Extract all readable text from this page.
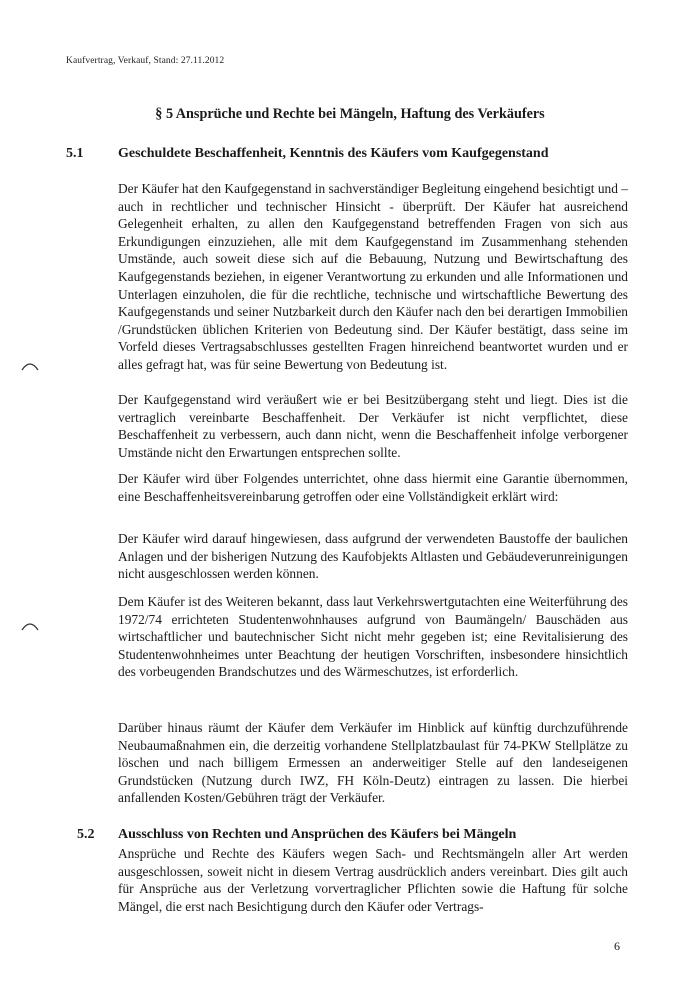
Kaufvertrag, Verkauf, Stand: 27.11.2012
§ 5 Ansprüche und Rechte bei Mängeln, Haftung des Verkäufers
5.1 Geschuldete Beschaffenheit, Kenntnis des Käufers vom Kaufgegenstand

Der Käufer hat den Kaufgegenstand in sachverständiger Begleitung eingehend besichtigt und – auch in rechtlicher und technischer Hinsicht - überprüft. Der Käufer hat ausreichend Gelegenheit erhalten, zu allen den Kaufgegenstand betreffenden Fragen von sich aus Erkundigungen einzuziehen, alle mit dem Kaufgegenstand im Zusammenhang stehenden Umstände, auch soweit diese sich auf die Bebauung, Nutzung und Bewirtschaftung des Kaufgegenstands beziehen, in eigener Verantwortung zu erkunden und alle Informationen und Unterlagen einzuholen, die für die rechtliche, technische und wirtschaftliche Bewertung des Kaufgegenstands und seiner Nutzbarkeit durch den Käufer nach den bei derartigen Immobilien /Grundstücken üblichen Kriterien von Bedeutung sind. Der Käufer bestätigt, dass seine im Vorfeld dieses Vertragsabschlusses gestellten Fragen hinreichend beantwortet wurden und er alles gefragt hat, was für seine Bewertung von Bedeutung ist.

Der Kaufgegenstand wird veräußert wie er bei Besitzübergang steht und liegt. Dies ist die vertraglich vereinbarte Beschaffenheit. Der Verkäufer ist nicht verpflichtet, diese Beschaffenheit zu verbessern, auch dann nicht, wenn die Beschaffenheit infolge verborgener Umstände nicht den Erwartungen entsprechen sollte.

Der Käufer wird über Folgendes unterrichtet, ohne dass hiermit eine Garantie übernommen, eine Beschaffenheitsvereinbarung getroffen oder eine Vollständigkeit erklärt wird:

Der Käufer wird darauf hingewiesen, dass aufgrund der verwendeten Baustoffe der baulichen Anlagen und der bisherigen Nutzung des Kaufobjekts Altlasten und Gebäudeverunreinigungen nicht ausgeschlossen werden können.

Dem Käufer ist des Weiteren bekannt, dass laut Verkehrswertgutachten eine Weiterführung des 1972/74 errichteten Studentenwohnhauses aufgrund von Baumängeln/ Bauschäden aus wirtschaftlicher und bautechnischer Sicht nicht mehr gegeben ist; eine Revitalisierung des Studentenwohnheimes unter Beachtung der heutigen Vorschriften, insbesondere hinsichtlich des vorbeugenden Brandschutzes und des Wärmeschutzes, ist erforderlich.

Darüber hinaus räumt der Käufer dem Verkäufer im Hinblick auf künftig durchzuführende Neubaumaßnahmen ein, die derzeitig vorhandene Stellplatzbaulast für 74-PKW Stellplätze zu löschen und nach billigem Ermessen an anderweitiger Stelle auf den landeseigenen Grundstücken (Nutzung durch IWZ, FH Köln-Deutz) eintragen zu lassen. Die hierbei anfallenden Kosten/Gebühren trägt der Verkäufer.

5.2 Ausschluss von Rechten und Ansprüchen des Käufers bei Mängeln

Ansprüche und Rechte des Käufers wegen Sach- und Rechtsmängeln aller Art werden ausgeschlossen, soweit nicht in diesem Vertrag ausdrücklich anders vereinbart. Dies gilt auch für Ansprüche aus der Verletzung vorvertraglicher Pflichten sowie die Haftung für solche Mängel, die erst nach Besichtigung durch den Käufer oder Vertrags-

6
